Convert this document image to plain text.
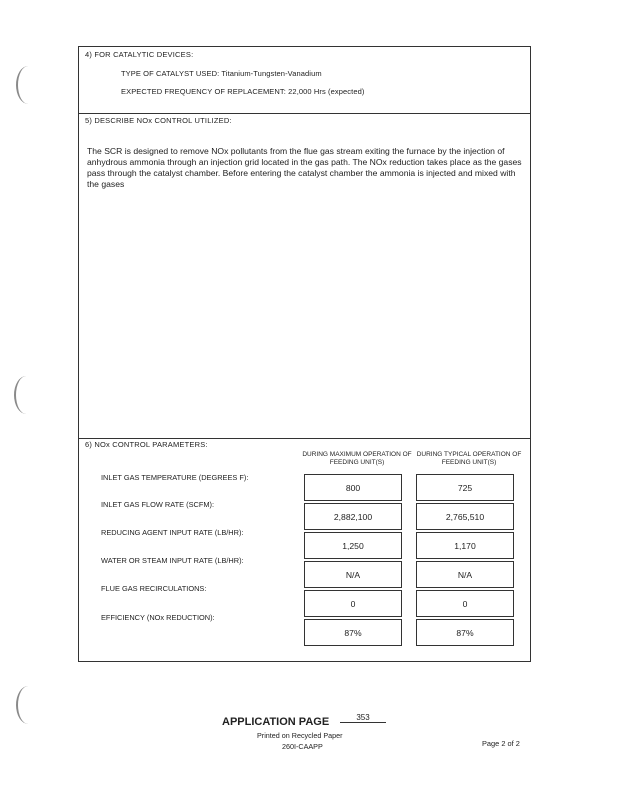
4) FOR CATALYTIC DEVICES:
TYPE OF CATALYST USED: Titanium-Tungsten-Vanadium
EXPECTED FREQUENCY OF REPLACEMENT: 22,000 Hrs (expected)
5) DESCRIBE NOx CONTROL UTILIZED:
The SCR is designed to remove NOx pollutants from the flue gas stream exiting the furnace by the injection of anhydrous ammonia through an injection grid located in the gas path. The NOx reduction takes place as the gases pass through the catalyst chamber. Before entering the catalyst chamber the ammonia is injected and mixed with the gases
6) NOx CONTROL PARAMETERS:
DURING MAXIMUM OPERATION OF FEEDING UNIT(S)
DURING TYPICAL OPERATION OF FEEDING UNIT(S)
INLET GAS TEMPERATURE (DEGREES F):
800	725
INLET GAS FLOW RATE (SCFM):
2,882,100	2,765,510
REDUCING AGENT INPUT RATE (LB/HR):
1,250	1,170
WATER OR STEAM INPUT RATE (LB/HR):
N/A	N/A
FLUE GAS RECIRCULATIONS:
0	0
EFFICIENCY (NOx REDUCTION):
87%	87%
APPLICATION PAGE	353
Printed on Recycled Paper
260I-CAAPP	Page 2 of 2
